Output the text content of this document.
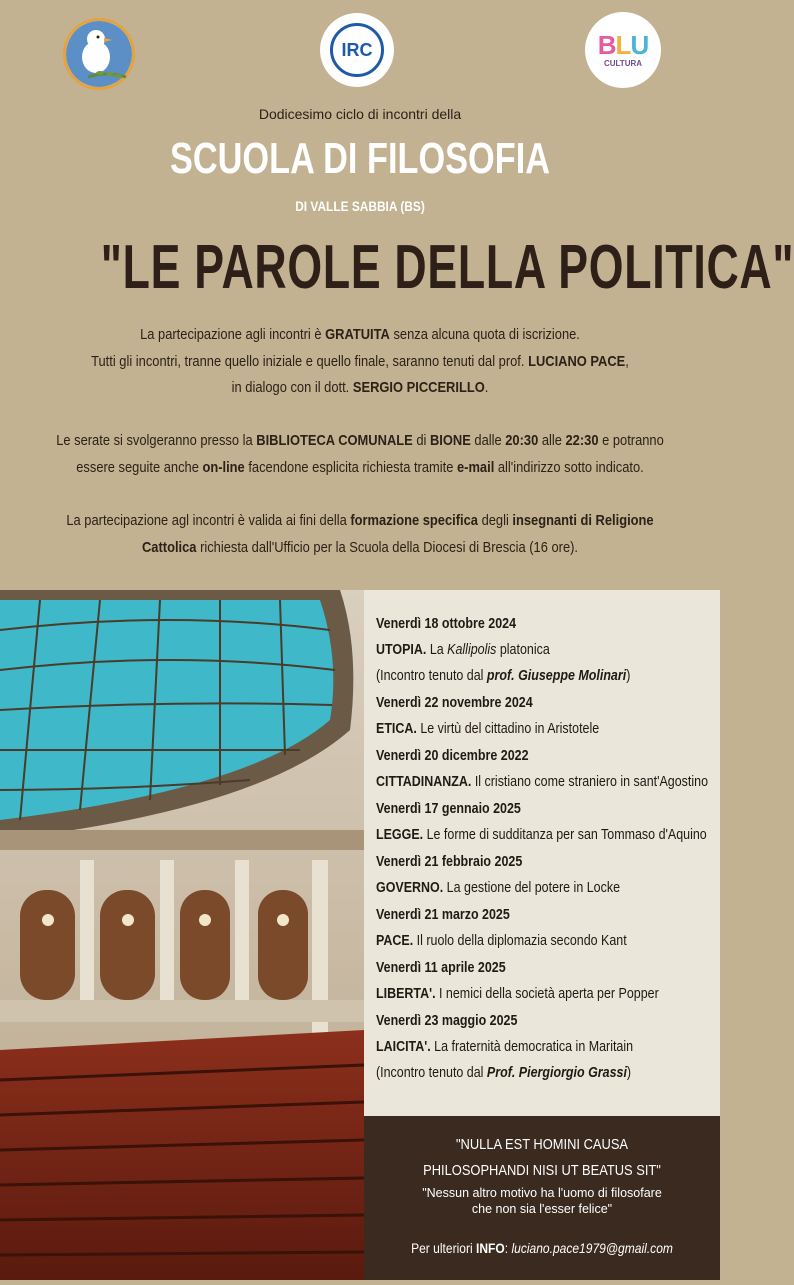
IRC	BLU
CULTURA
Dodicesimo ciclo di incontri della
SCUOLA DI FILOSOFIA
DI VALLE SABBIA (BS)
"LE PAROLE DELLA POLITICA"
La partecipazione agli incontri è GRATUITA senza alcuna quota di iscrizione.
Tutti gli incontri, tranne quello iniziale e quello finale, saranno tenuti dal prof. LUCIANO PACE,
in dialogo con il dott. SERGIO PICCERILLO.
Le serate si svolgeranno presso la BIBLIOTECA COMUNALE di BIONE dalle 20:30 alle 22:30 e potranno
essere seguite anche on-line facendone esplicita richiesta tramite e-mail all'indirizzo sotto indicato.
La partecipazione agl incontri è valida ai fini della formazione specifica degli insegnanti di Religione
Cattolica richiesta dall'Ufficio per la Scuola della Diocesi di Brescia (16 ore).
Venerdì 18 ottobre 2024
UTOPIA. La Kallipolis platonica
(Incontro tenuto dal prof. Giuseppe Molinari)
Venerdì 22 novembre 2024
ETICA. Le virtù del cittadino in Aristotele
Venerdì 20 dicembre 2022
CITTADINANZA. Il cristiano come straniero in sant'Agostino
Venerdì 17 gennaio 2025
LEGGE. Le forme di sudditanza per san Tommaso d'Aquino
Venerdì 21 febbraio 2025
GOVERNO. La gestione del potere in Locke
Venerdì 21 marzo 2025
PACE. Il ruolo della diplomazia secondo Kant
Venerdì 11 aprile 2025
LIBERTA'. I nemici della società aperta per Popper
Venerdì 23 maggio 2025
LAICITA'. La fraternità democratica in Maritain
(Incontro tenuto dal Prof. Piergiorgio Grassi)
"NULLA EST HOMINI CAUSA
PHILOSOPHANDI NISI UT BEATUS SIT"
"Nessun altro motivo ha l'uomo di filosofare
che non sia l'esser felice"
Per ulteriori INFO: luciano.pace1979@gmail.com
